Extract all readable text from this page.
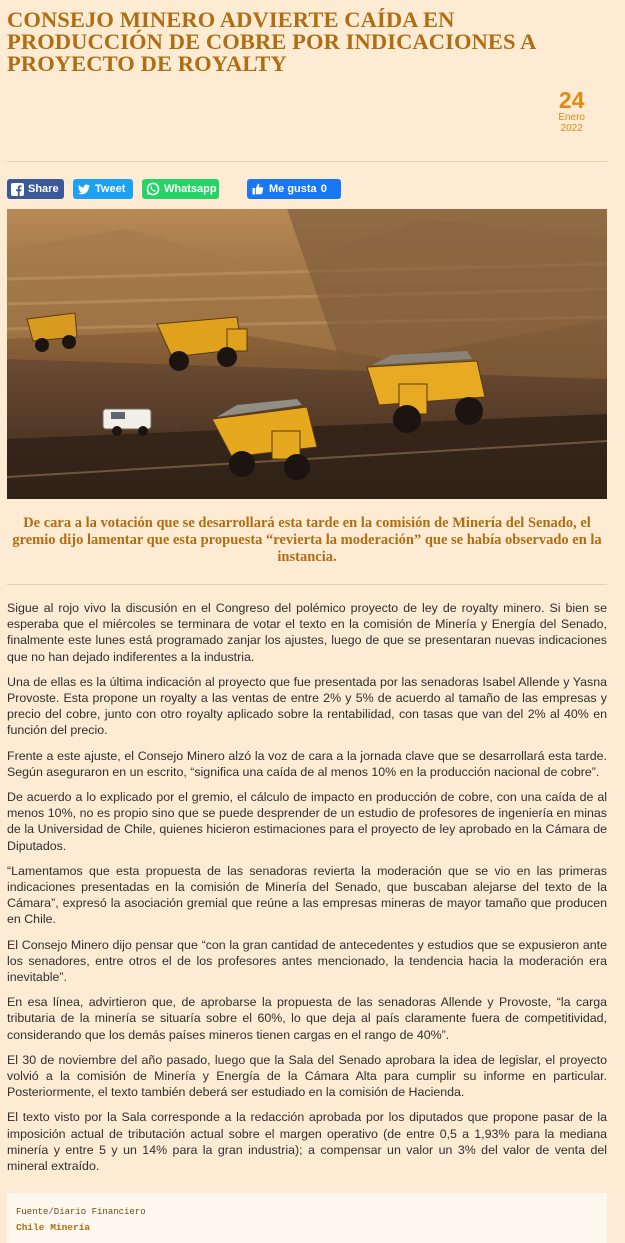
CONSEJO MINERO ADVIERTE CAÍDA EN PRODUCCIÓN DE COBRE POR INDICACIONES A PROYECTO DE ROYALTY
24
Enero
2022
Share	Tweet	Whatsapp	Me gusta 0

De cara a la votación que se desarrollará esta tarde en la comisión de Minería del Senado, el gremio dijo lamentar que esta propuesta “revierta la moderación” que se había observado en la instancia.

Sigue al rojo vivo la discusión en el Congreso del polémico proyecto de ley de royalty minero. Si bien se esperaba que el miércoles se terminara de votar el texto en la comisión de Minería y Energía del Senado, finalmente este lunes está programado zanjar los ajustes, luego de que se presentaran nuevas indicaciones que no han dejado indiferentes a la industria.

Una de ellas es la última indicación al proyecto que fue presentada por las senadoras Isabel Allende y Yasna Provoste. Esta propone un royalty a las ventas de entre 2% y 5% de acuerdo al tamaño de las empresas y precio del cobre, junto con otro royalty aplicado sobre la rentabilidad, con tasas que van del 2% al 40% en función del precio.

Frente a este ajuste, el Consejo Minero alzó la voz de cara a la jornada clave que se desarrollará esta tarde. Según aseguraron en un escrito, “significa una caída de al menos 10% en la producción nacional de cobre”.

De acuerdo a lo explicado por el gremio, el cálculo de impacto en producción de cobre, con una caída de al menos 10%, no es propio sino que se puede desprender de un estudio de profesores de ingeniería en minas de la Universidad de Chile, quienes hicieron estimaciones para el proyecto de ley aprobado en la Cámara de Diputados.

“Lamentamos que esta propuesta de las senadoras revierta la moderación que se vio en las primeras indicaciones presentadas en la comisión de Minería del Senado, que buscaban alejarse del texto de la Cámara”, expresó la asociación gremial que reúne a las empresas mineras de mayor tamaño que producen en Chile.

El Consejo Minero dijo pensar que “con la gran cantidad de antecedentes y estudios que se expusieron ante los senadores, entre otros el de los profesores antes mencionado, la tendencia hacia la moderación era inevitable”.

En esa línea, advirtieron que, de aprobarse la propuesta de las senadoras Allende y Provoste, “la carga tributaria de la minería se situaría sobre el 60%, lo que deja al país claramente fuera de competitividad, considerando que los demás países mineros tienen cargas en el rango de 40%”.

El 30 de noviembre del año pasado, luego que la Sala del Senado aprobara la idea de legislar, el proyecto volvió a la comisión de Minería y Energía de la Cámara Alta para cumplir su informe en particular. Posteriormente, el texto también deberá ser estudiado en la comisión de Hacienda.

El texto visto por la Sala corresponde a la redacción aprobada por los diputados que propone pasar de la imposición actual de tributación actual sobre el margen operativo (de entre 0,5 a 1,93% para la mediana minería y entre 5 y un 14% para la gran industria); a compensar un valor un 3% del valor de venta del mineral extraído.

Fuente/Diario Financiero
Chile Minería
